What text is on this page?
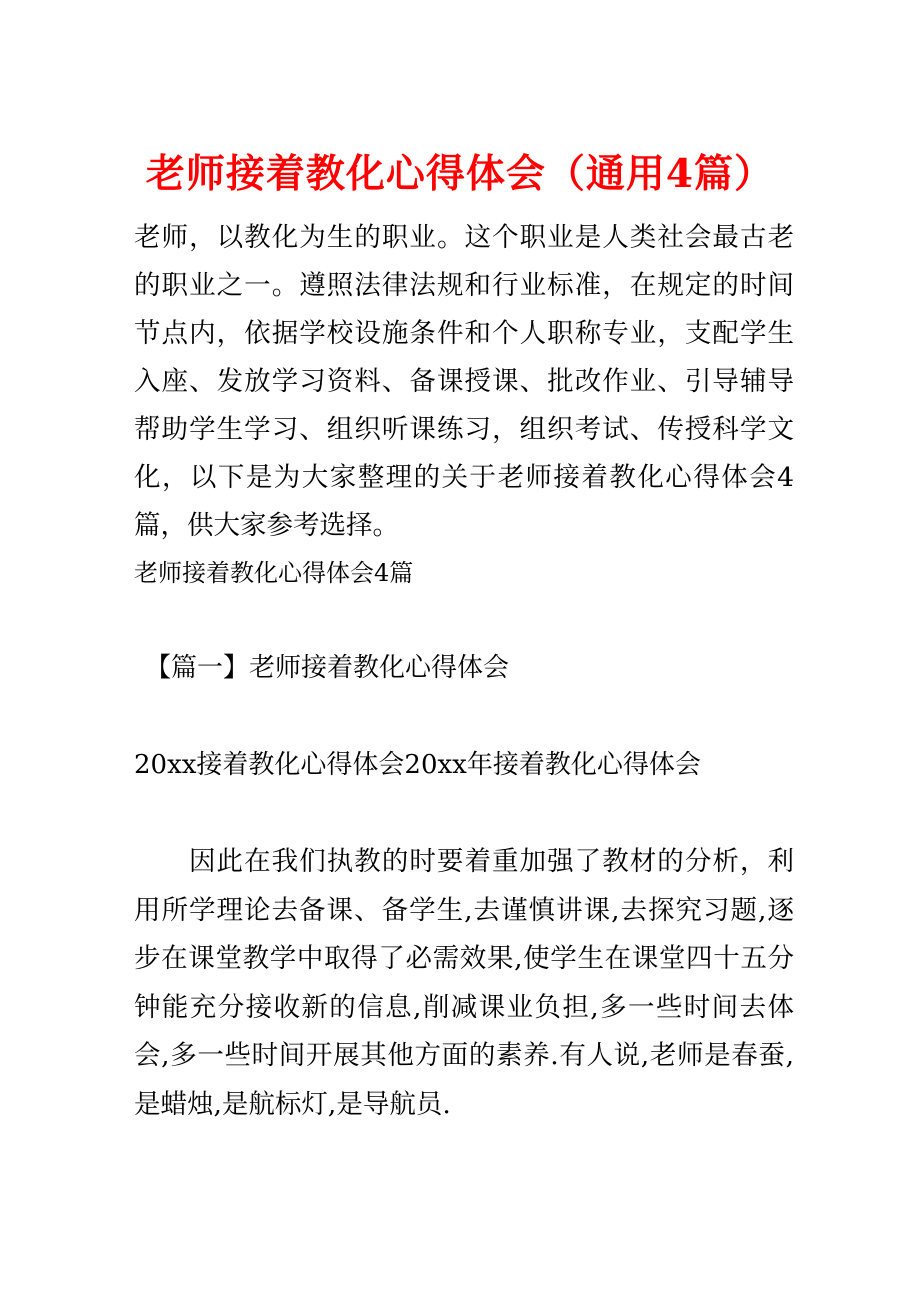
老师接着教化心得体会（通用4篇）

老师，以教化为生的职业。这个职业是人类社会最古老的职业之一。遵照法律法规和行业标准，在规定的时间节点内，依据学校设施条件和个人职称专业，支配学生入座、发放学习资料、备课授课、批改作业、引导辅导帮助学生学习、组织听课练习，组织考试、传授科学文化，以下是为大家整理的关于老师接着教化心得体会4篇，供大家参考选择。

老师接着教化心得体会4篇

【篇一】老师接着教化心得体会

20xx接着教化心得体会20xx年接着教化心得体会

因此在我们执教的时要着重加强了教材的分析，利用所学理论去备课、备学生,去谨慎讲课,去探究习题,逐步在课堂教学中取得了必需效果,使学生在课堂四十五分钟能充分接收新的信息,削减课业负担,多一些时间去体会,多一些时间开展其他方面的素养.有人说,老师是春蚕,是蜡烛,是航标灯,是导航员.
